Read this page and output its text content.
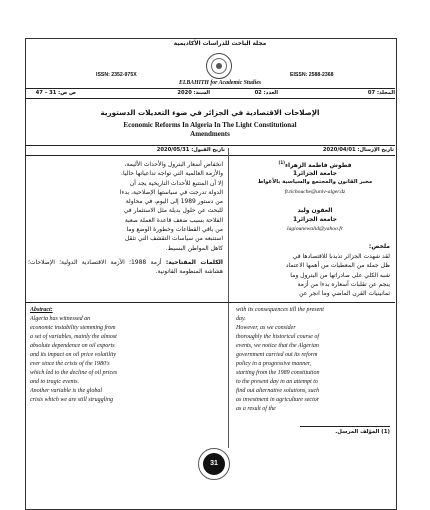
مجلة الباحث للدراسات الأكاديمية
ELBAHITH for Academic Studies
ISSN: 2352-975X	EISSN: 2588-2368
المجلد: 07
العدد: 02
السنة: 2020
ص ص: 31 – 47
الإصلاحات الاقتصادية في الجزائر في ضوء التعديلات الدستورية
Economic Reforms In Algeria In The Light Constitutional
Amendments
تاريخ الإرسال: 2020/04/01
تاريخ القبول: 2020/05/31
فطوش فاطمة الزهراء$^{(1)}$
جامعة الجزائر1
مخبر القانون والمجتمع والسياسية بالأغواط
ft.tichouche@univ-alger.dz
العقون وليد
جامعة الجزائر1
lagiounewalid@yahoo.fr
ملخص:
لقد شهدت الجزائر تذبذبا للاقتصادها في
ظل جملة من المعطيات من أهمها الاعتماد
شبه الكلي على صادراتها من البترول وما
ينجم عن تقلبات أسعاره بدءا من أزمة
ثمانينيات القرن الماضي وما انجر عن
انخفاض أسعار البترول والأحداث الأليمة،
والأزمة العالمية التي تواجه تداعياتها حاليا.
إلا أن المتتبع للأحداث التاريخية يجد أن
الدولة تدرجت في سياستها الإصلاحية، بدءا
من دستور 1989 إلى اليوم، في محاولة
للبحث عن حلول بديلة مثل الاستثمار في
الفلاحة بسبب ضعف قاعدة العملة صعبة
من باقي القطاعات وخطورة الوضع وما
استتبعه من سياسات التقشف التي تثقل
كاهل المواطن البسيط.
الكلمات المفتاحية: أزمة 1988؛ الأزمة الاقتصادية الدولية؛ الإصلاحات؛ هشاشة المنظومة القانونية.
Abstract:
Algeria has witnessed an
economic instability stemming from
a set of variables, mainly the almost
absolute dependence on oil exports
and its impact on oil price volatility
ever since the crisis of the 1980's
which led to the decline of oil prices
and to tragic events.
Another variable is the global
crisis which we are still struggling
with its consequences till the present
day.
However, as we consider
thoroughly the historical course of
events, we notice that the Algerian
government carried out its reform
policy in a progressive manner,
starting from the 1989 constitution
to the present day in an attempt to
find out alternative solutions, such
as investment in agriculture sector
as a result of the
(1) المؤلف المرسل.
31
